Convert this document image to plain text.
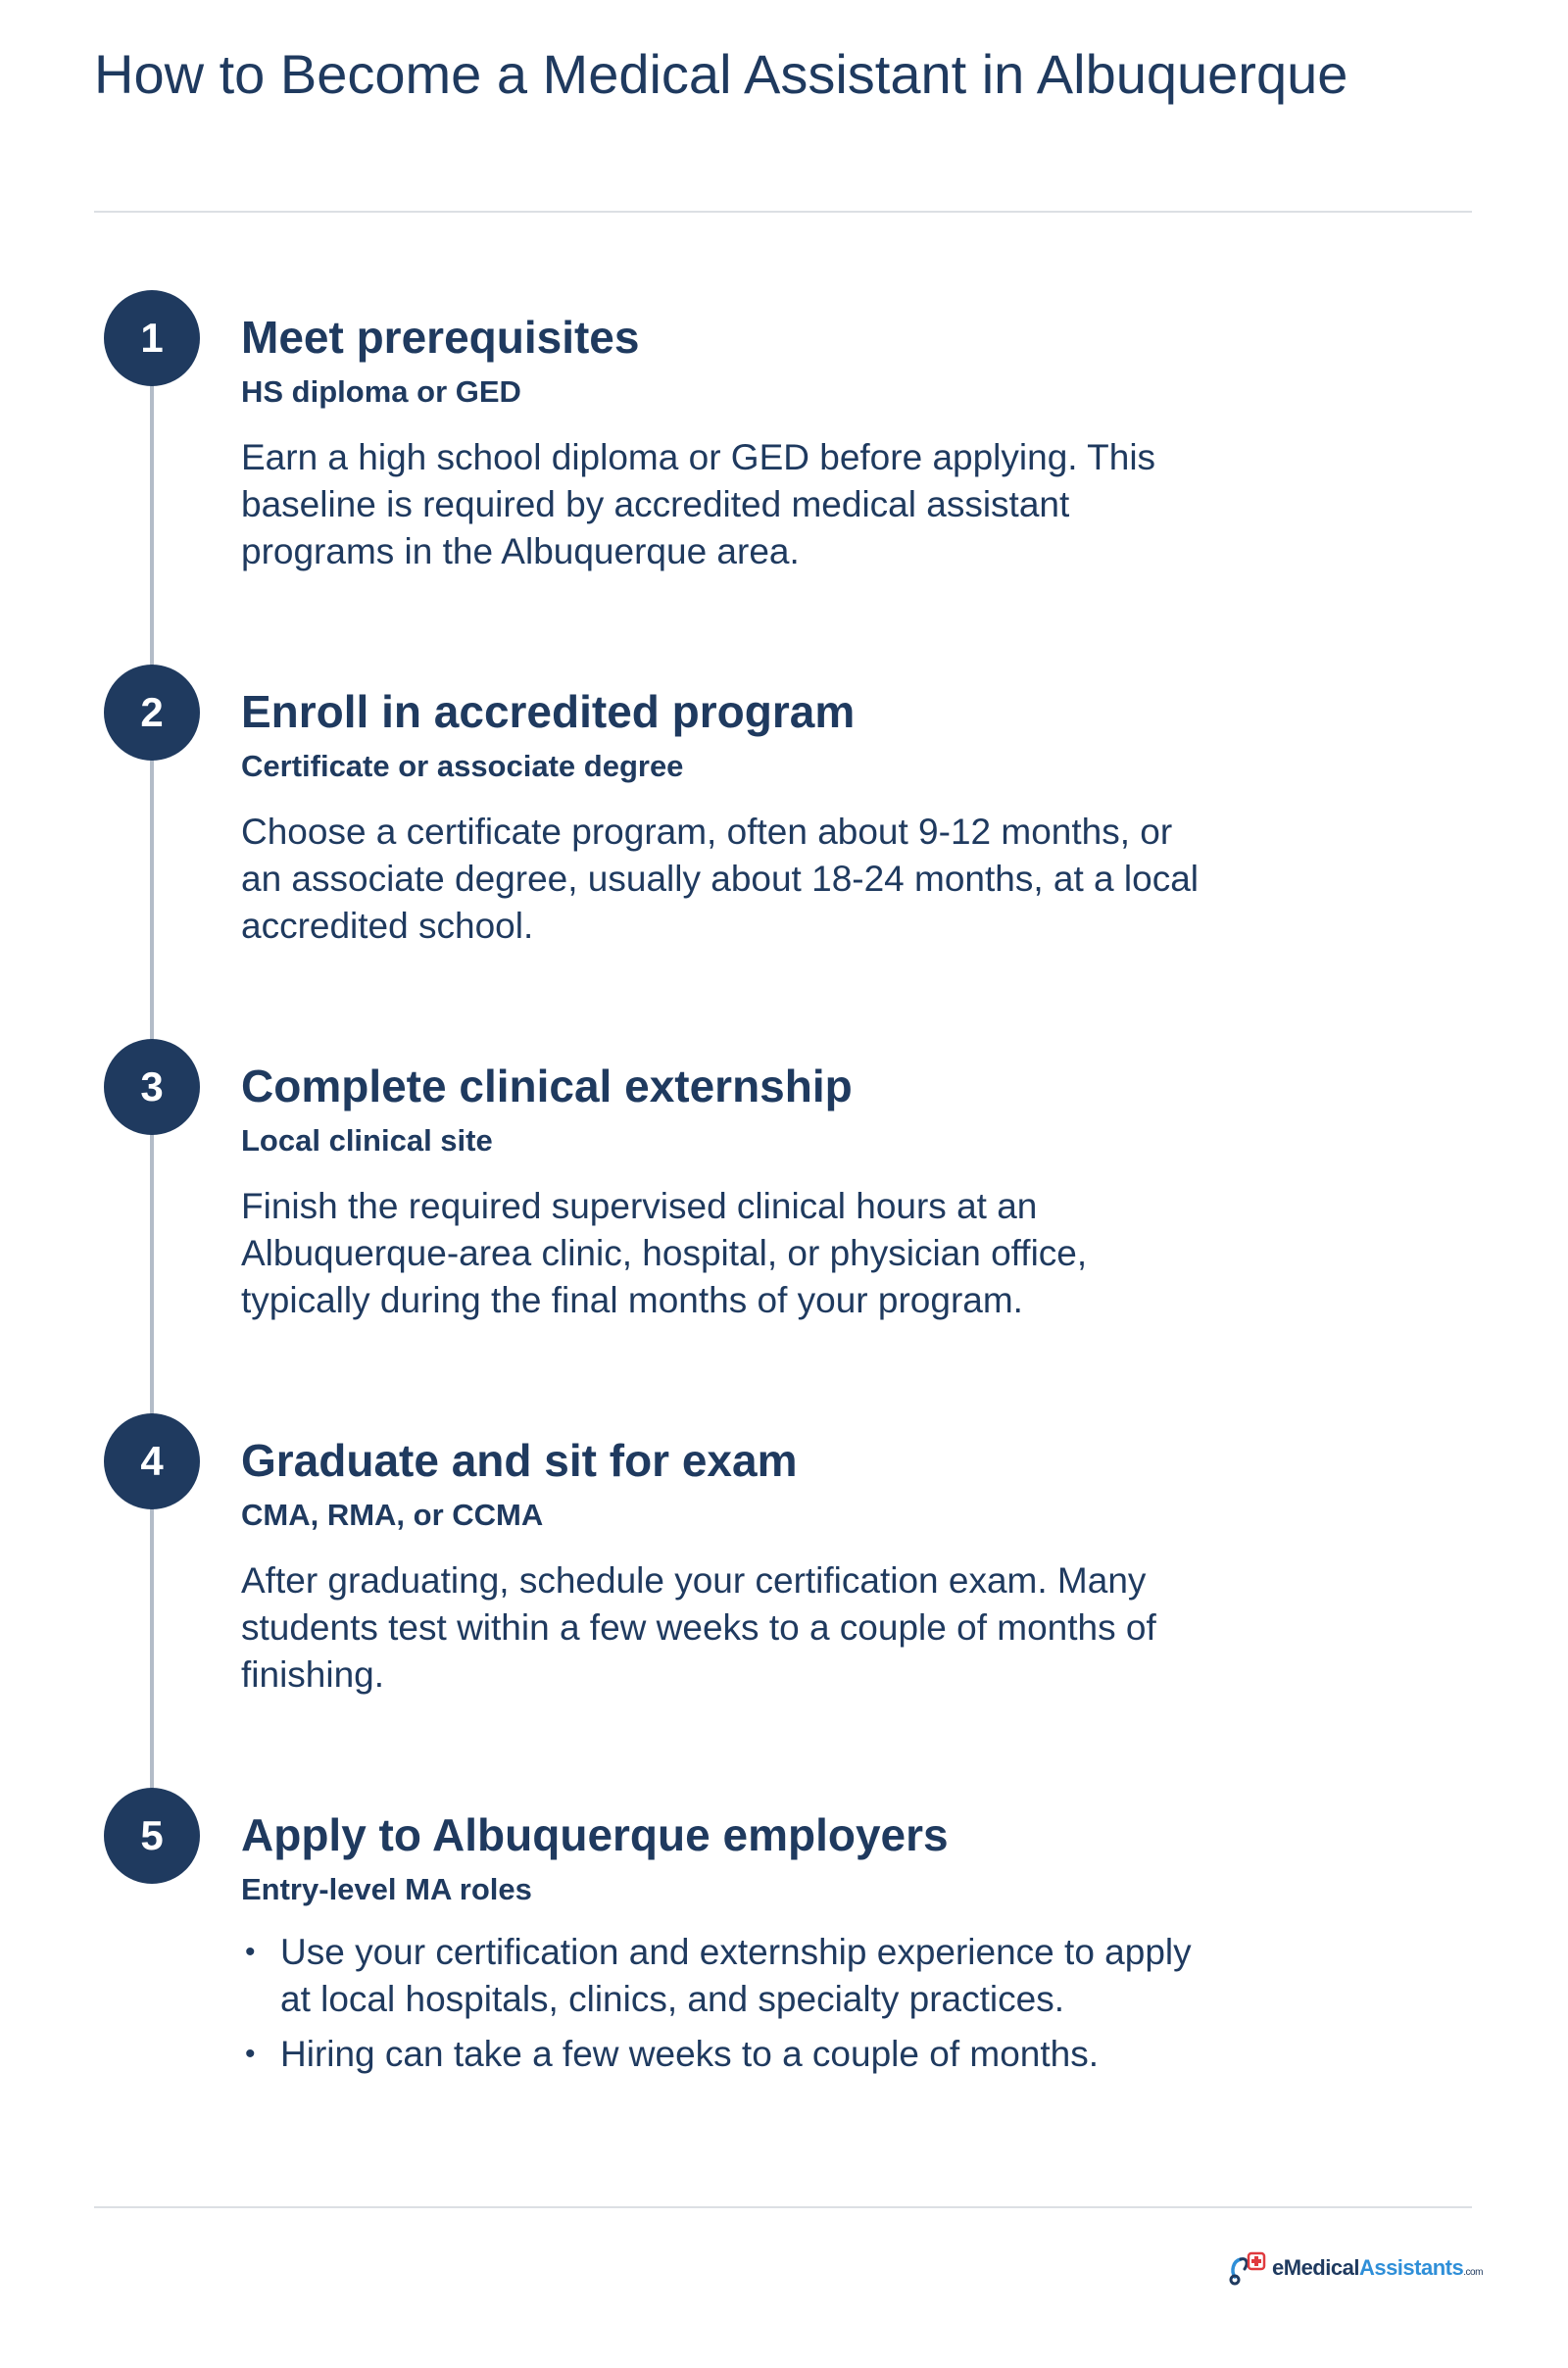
How to Become a Medical Assistant in Albuquerque
1	Meet prerequisites
HS diploma or GED

Earn a high school diploma or GED before applying. This baseline is required by accredited medical assistant programs in the Albuquerque area.

2	Enroll in accredited program
Certificate or associate degree

Choose a certificate program, often about 9-12 months, or an associate degree, usually about 18-24 months, at a local accredited school.

3	Complete clinical externship
Local clinical site

Finish the required supervised clinical hours at an Albuquerque-area clinic, hospital, or physician office, typically during the final months of your program.

4	Graduate and sit for exam
CMA, RMA, or CCMA

After graduating, schedule your certification exam. Many students test within a few weeks to a couple of months of finishing.

5	Apply to Albuquerque employers
Entry-level MA roles
• Use your certification and externship experience to apply at local hospitals, clinics, and specialty practices.
• Hiring can take a few weeks to a couple of months.
eMedicalAssistants.com
